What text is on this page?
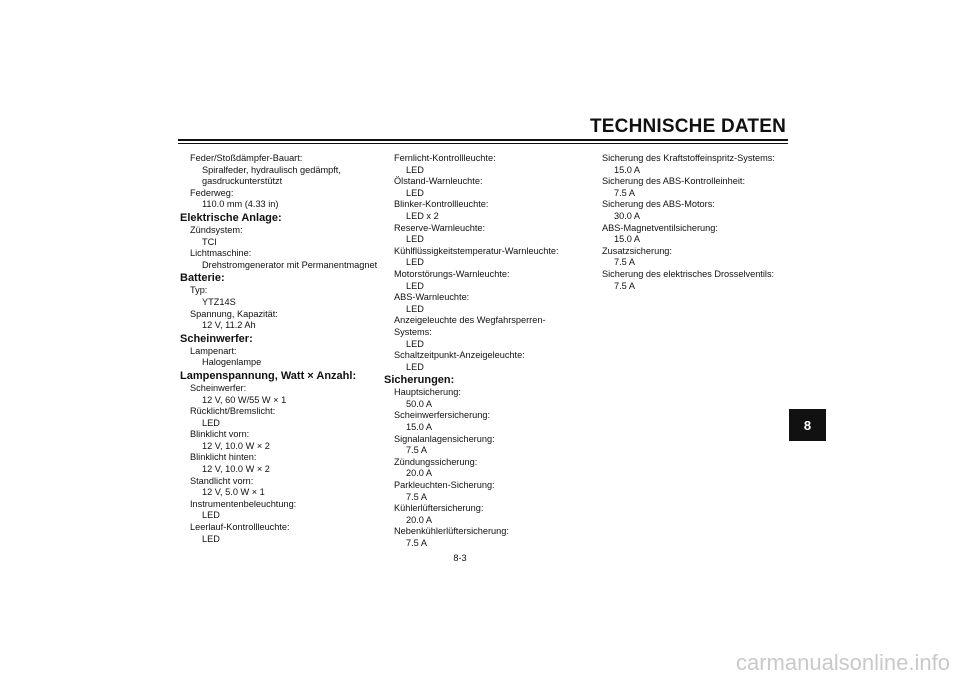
TECHNISCHE DATEN
Feder/Stoßdämpfer-Bauart:
Spiralfeder, hydraulisch gedämpft,
gasdruckunterstützt
Federweg:
110.0 mm (4.33 in)
Elektrische Anlage:
Zündsystem:
TCI
Lichtmaschine:
Drehstromgenerator mit Permanentmagnet
Batterie:
Typ:
YTZ14S
Spannung, Kapazität:
12 V, 11.2 Ah
Scheinwerfer:
Lampenart:
Halogenlampe
Lampenspannung, Watt × Anzahl:
Scheinwerfer:
12 V, 60 W/55 W × 1
Rücklicht/Bremslicht:
LED
Blinklicht vorn:
12 V, 10.0 W × 2
Blinklicht hinten:
12 V, 10.0 W × 2
Standlicht vorn:
12 V, 5.0 W × 1
Instrumentenbeleuchtung:
LED
Leerlauf-Kontrollleuchte:
LED
Fernlicht-Kontrollleuchte:
LED
Ölstand-Warnleuchte:
LED
Blinker-Kontrollleuchte:
LED x 2
Reserve-Warnleuchte:
LED
Kühlflüssigkeitstemperatur-Warnleuchte:
LED
Motorstörungs-Warnleuchte:
LED
ABS-Warnleuchte:
LED
Anzeigeleuchte des Wegfahrsperren-
Systems:
LED
Schaltzeitpunkt-Anzeigeleuchte:
LED
Sicherungen:
Hauptsicherung:
50.0 A
Scheinwerfersicherung:
15.0 A
Signalanlagensicherung:
7.5 A
Zündungssicherung:
20.0 A
Parkleuchten-Sicherung:
7.5 A
Kühlerlüftersicherung:
20.0 A
Nebenkühlerlüftersicherung:
7.5 A
Sicherung des Kraftstoffeinspritz-Systems:
15.0 A
Sicherung des ABS-Kontrolleinheit:
7.5 A
Sicherung des ABS-Motors:
30.0 A
ABS-Magnetventilsicherung:
15.0 A
Zusatzsicherung:
7.5 A
Sicherung des elektrisches Drosselventils:
7.5 A
8-3
8
carmanualsonline.info
